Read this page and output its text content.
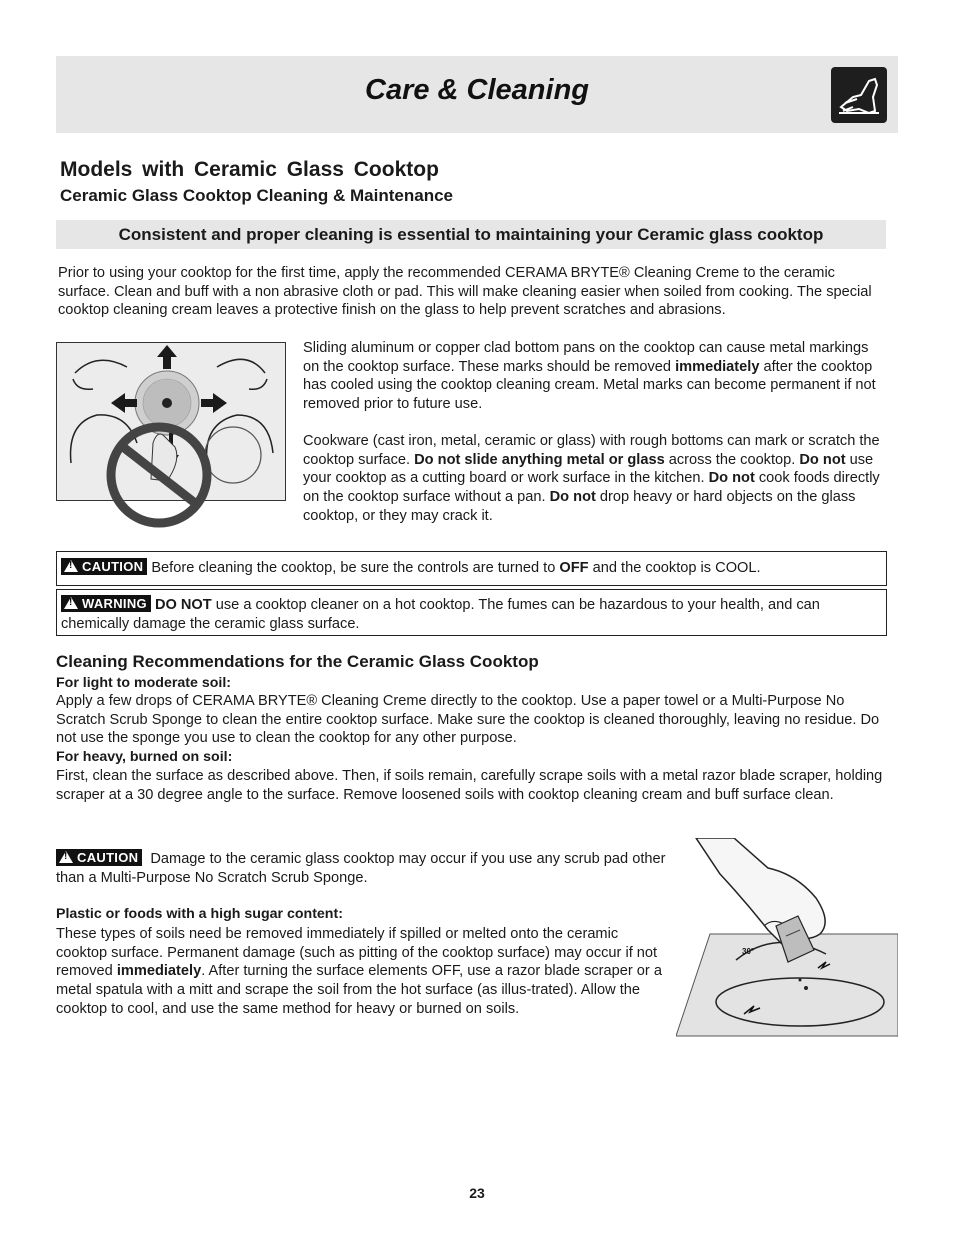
Care & Cleaning
Models with Ceramic Glass Cooktop
Ceramic Glass Cooktop Cleaning & Maintenance
Consistent and proper cleaning is essential to maintaining your Ceramic glass cooktop
Prior to using your cooktop for the first time, apply the recommended CERAMA BRYTE® Cleaning Creme to the ceramic surface. Clean and buff with a non abrasive cloth or pad. This will make cleaning easier when soiled from cooking. The special cooktop cleaning cream leaves a protective finish on the glass to help prevent scratches and abrasions.
Sliding aluminum or copper clad bottom pans on the cooktop can cause metal markings on the cooktop surface. These marks should be removed immediately after the cooktop has cooled using the cooktop cleaning cream. Metal marks can become permanent if not removed prior to future use.
Cookware (cast iron, metal, ceramic or glass) with rough bottoms can mark or scratch the cooktop surface. Do not slide anything metal or glass across the cooktop. Do not use your cooktop as a cutting board or work surface in the kitchen. Do not cook foods directly on the cooktop surface without a pan. Do not drop heavy or hard objects on the glass cooktop, or they may crack it.
!CAUTION Before cleaning the cooktop, be sure the controls are turned to OFF and the cooktop is COOL.
!WARNING DO NOT use a cooktop cleaner on a hot cooktop. The fumes can be hazardous to your health, and can chemically damage the ceramic glass surface.
Cleaning Recommendations for the Ceramic Glass Cooktop
For light to moderate soil:
Apply a few drops of CERAMA BRYTE® Cleaning Creme directly to the cooktop. Use a paper towel or a Multi-Purpose No Scratch Scrub Sponge to clean the entire cooktop surface. Make sure the cooktop is cleaned thoroughly, leaving no residue. Do not use the sponge you use to clean the cooktop for any other purpose.
For heavy, burned on soil:
First, clean the surface as described above. Then, if soils remain, carefully scrape soils with a metal razor blade scraper, holding scraper at a 30 degree angle to the surface. Remove loosened soils with cooktop cleaning cream and buff surface clean.
!CAUTION Damage to the ceramic glass cooktop may occur if you use any scrub pad other than a Multi-Purpose No Scratch Scrub Sponge.
Plastic or foods with a high sugar content:
These types of soils need be removed immediately if spilled or melted onto the ceramic cooktop surface. Permanent damage (such as pitting of the cooktop surface) may occur if not removed immediately. After turning the surface elements OFF, use a razor blade scraper or a metal spatula with a mitt and scrape the soil from the hot surface (as illus-trated). Allow the cooktop to cool, and use the same method for heavy or burned on soils.
30°
23
